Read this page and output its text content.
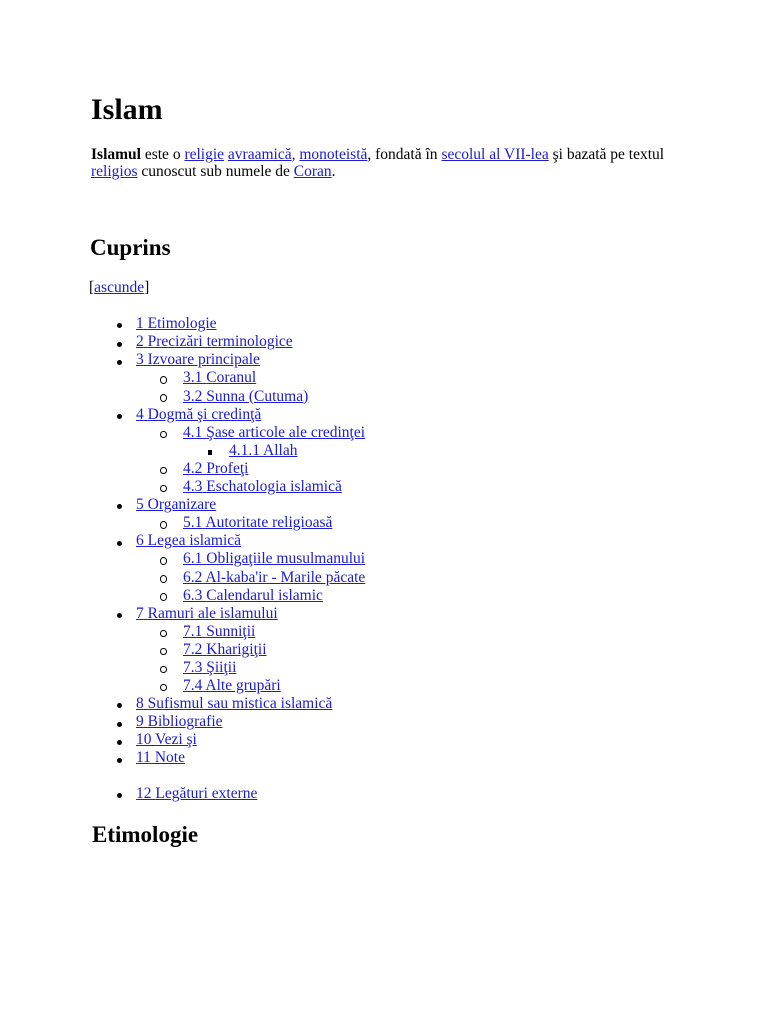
Islam

Islamul este o religie avraamică, monoteistă, fondată în secolul al VII-lea şi bazată pe textul
religios cunoscut sub numele de Coran.

Cuprins
[ascunde]
1 Etimologie
2 Precizări terminologice
3 Izvoare principale
3.1 Coranul
3.2 Sunna (Cutuma)
4 Dogmă şi credinţă
4.1 Şase articole ale credinţei
4.1.1 Allah
4.2 Profeţi
4.3 Eschatologia islamică
5 Organizare
5.1 Autoritate religioasă
6 Legea islamică
6.1 Obligaţiile musulmanului
6.2 Al-kaba'ir - Marile păcate
6.3 Calendarul islamic
7 Ramuri ale islamului
7.1 Sunniţii
7.2 Kharigiţii
7.3 Şiiţii
7.4 Alte grupări
8 Sufismul sau mistica islamică
9 Bibliografie
10 Vezi şi
11 Note
12 Legături externe
Etimologie
